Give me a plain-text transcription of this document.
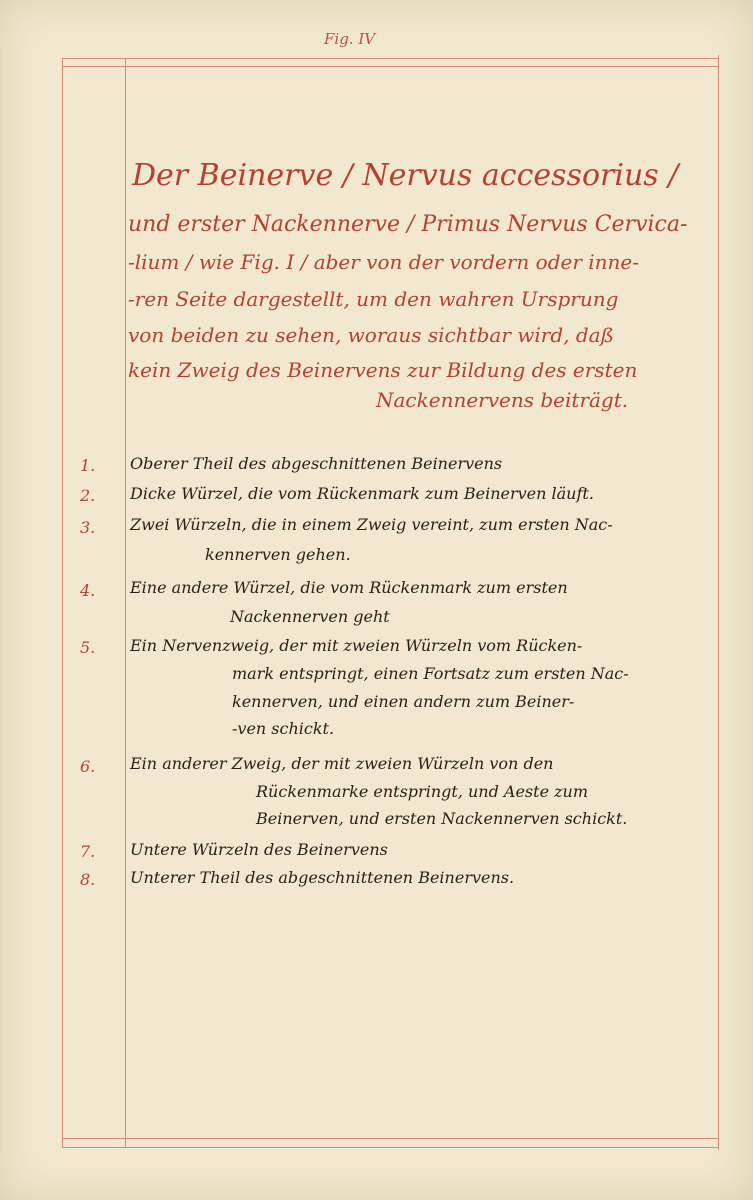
Fig. IV
Der Beinerve / Nervus accessorius /
und erster Nackennerve / Primus Nervus Cervica-
-lium / wie Fig. I / aber von der vordern oder inne-
-ren Seite dargestellt, um den wahren Ursprung
von beiden zu sehen, woraus sichtbar wird, daß
kein Zweig des Beinervens zur Bildung des ersten
Nackennervens beiträgt.
1.	Oberer Theil des abgeschnittenen Beinervens
2.	Dicke Würzel, die vom Rückenmark zum Beinerven läuft.
3.	Zwei Würzeln, die in einem Zweig vereint, zum ersten Nac-
kennerven gehen.
4.	Eine andere Würzel, die vom Rückenmark zum ersten
Nackennerven geht
5.	Ein Nervenzweig, der mit zweien Würzeln vom Rücken-
mark entspringt, einen Fortsatz zum ersten Nac-
kennerven, und einen andern zum Beiner-
-ven schickt.
6.	Ein anderer Zweig, der mit zweien Würzeln von den
Rückenmarke entspringt, und Aeste zum
Beinerven, und ersten Nackennerven schickt.
7.	Untere Würzeln des Beinervens
8.	Unterer Theil des abgeschnittenen Beinervens.
